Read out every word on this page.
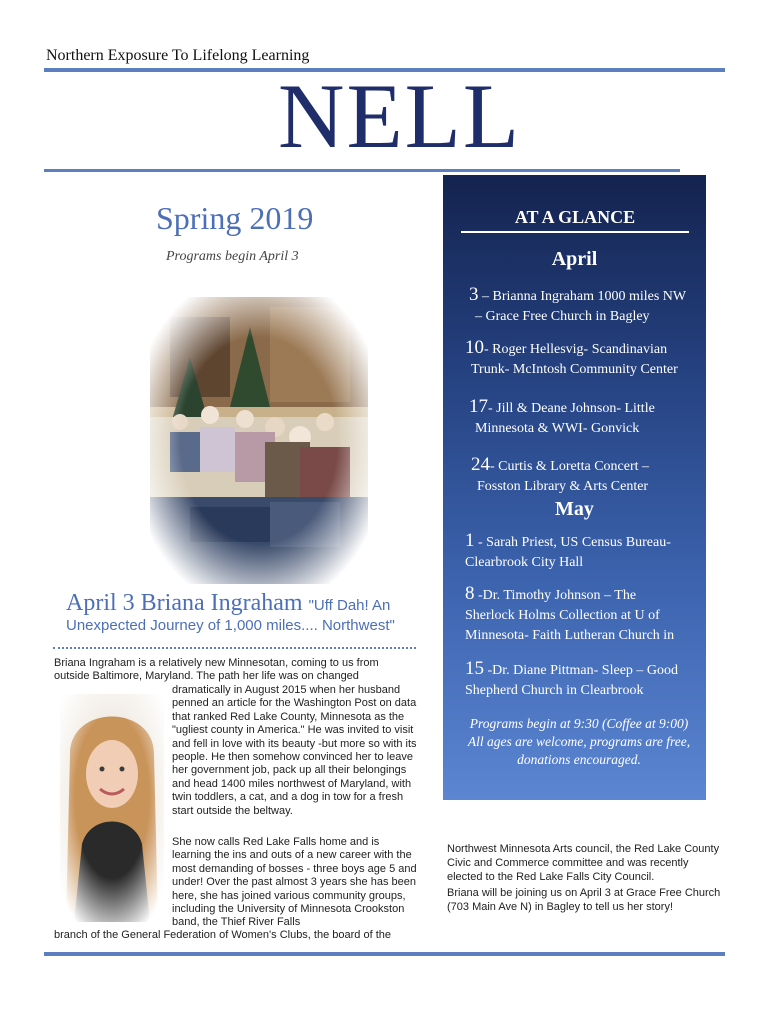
Northern Exposure To Lifelong Learning
NELL
Spring 2019
Programs begin April 3
April 3 Briana Ingraham "Uff Dah! An
Unexpected Journey of 1,000 miles.... Northwest"
Briana Ingraham is a relatively new Minnesotan, coming to us from outside Baltimore, Maryland. The path her life was on changed
dramatically in August 2015 when her husband penned an article for the Washington Post on data that ranked Red Lake County, Minnesota as the "ugliest county in America." He was invited to visit and fell in love with its beauty -but more so with its people. He then somehow convinced her to leave her government job, pack up all their belongings and head 1400 miles northwest of Maryland, with twin toddlers, a cat, and a dog in tow for a fresh start outside the beltway.
She now calls Red Lake Falls home and is learning the ins and outs of a new career with the most demanding of bosses - three boys age 5 and under! Over the past almost 3 years she has been here, she has joined various community groups, including the University of Minnesota Crookston band, the Thief River Falls
branch of the General Federation of Women's Clubs, the board of the
AT A GLANCE
April
3 – Brianna Ingraham 1000 miles NW
– Grace Free Church in Bagley
10- Roger Hellesvig- Scandinavian
Trunk- McIntosh Community Center
17- Jill & Deane Johnson- Little
Minnesota & WWI- Gonvick
24- Curtis & Loretta Concert –
Fosston Library & Arts Center
May
1 - Sarah Priest, US Census Bureau-
Clearbrook City Hall
8 -Dr. Timothy Johnson – The
Sherlock Holms Collection at U of
Minnesota- Faith Lutheran Church in
15 -Dr. Diane Pittman- Sleep – Good
Shepherd Church in Clearbrook
Programs begin at 9:30 (Coffee at 9:00)
All ages are welcome, programs are free,
donations encouraged.

Northwest Minnesota Arts council, the Red Lake County Civic and Commerce committee and was recently elected to the Red Lake Falls City Council.

Briana will be joining us on April 3 at Grace Free Church (703 Main Ave N) in Bagley to tell us her story!
